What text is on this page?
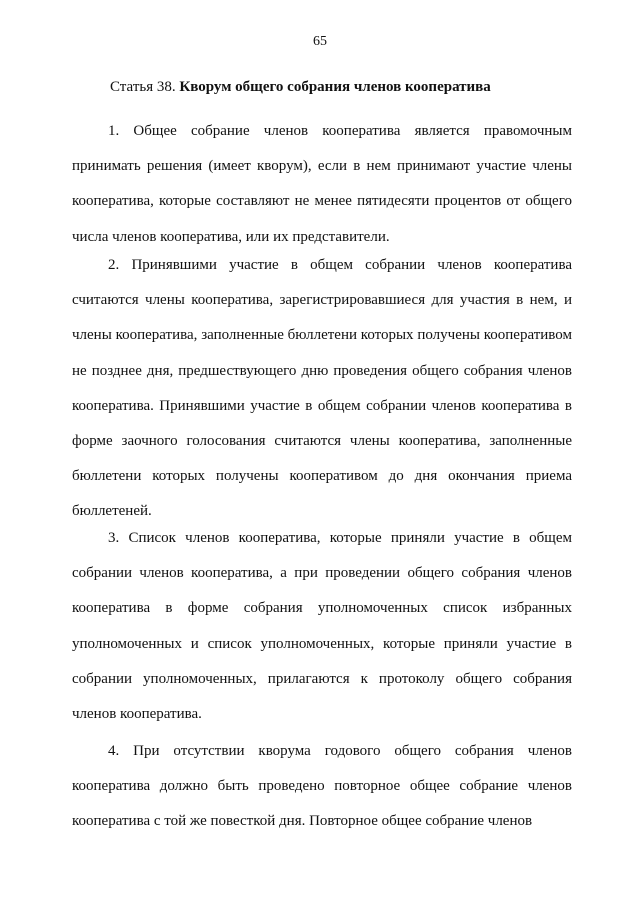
65
Статья 38. Кворум общего собрания членов кооператива

1. Общее собрание членов кооператива является правомочным принимать решения (имеет кворум), если в нем принимают участие члены кооператива, которые составляют не менее пятидесяти процентов от общего числа членов кооператива, или их представители.

2. Принявшими участие в общем собрании членов кооператива считаются члены кооператива, зарегистрировавшиеся для участия в нем, и члены кооператива, заполненные бюллетени которых получены кооперативом не позднее дня, предшествующего дню проведения общего собрания членов кооператива. Принявшими участие в общем собрании членов кооператива в форме заочного голосования считаются члены кооператива, заполненные бюллетени которых получены кооперативом до дня окончания приема бюллетеней.

3. Список членов кооператива, которые приняли участие в общем собрании членов кооператива, а при проведении общего собрания членов кооператива в форме собрания уполномоченных список избранных уполномоченных и список уполномоченных, которые приняли участие в собрании уполномоченных, прилагаются к протоколу общего собрания членов кооператива.

4. При отсутствии кворума годового общего собрания членов кооператива должно быть проведено повторное общее собрание членов кооператива с той же повесткой дня. Повторное общее собрание членов
